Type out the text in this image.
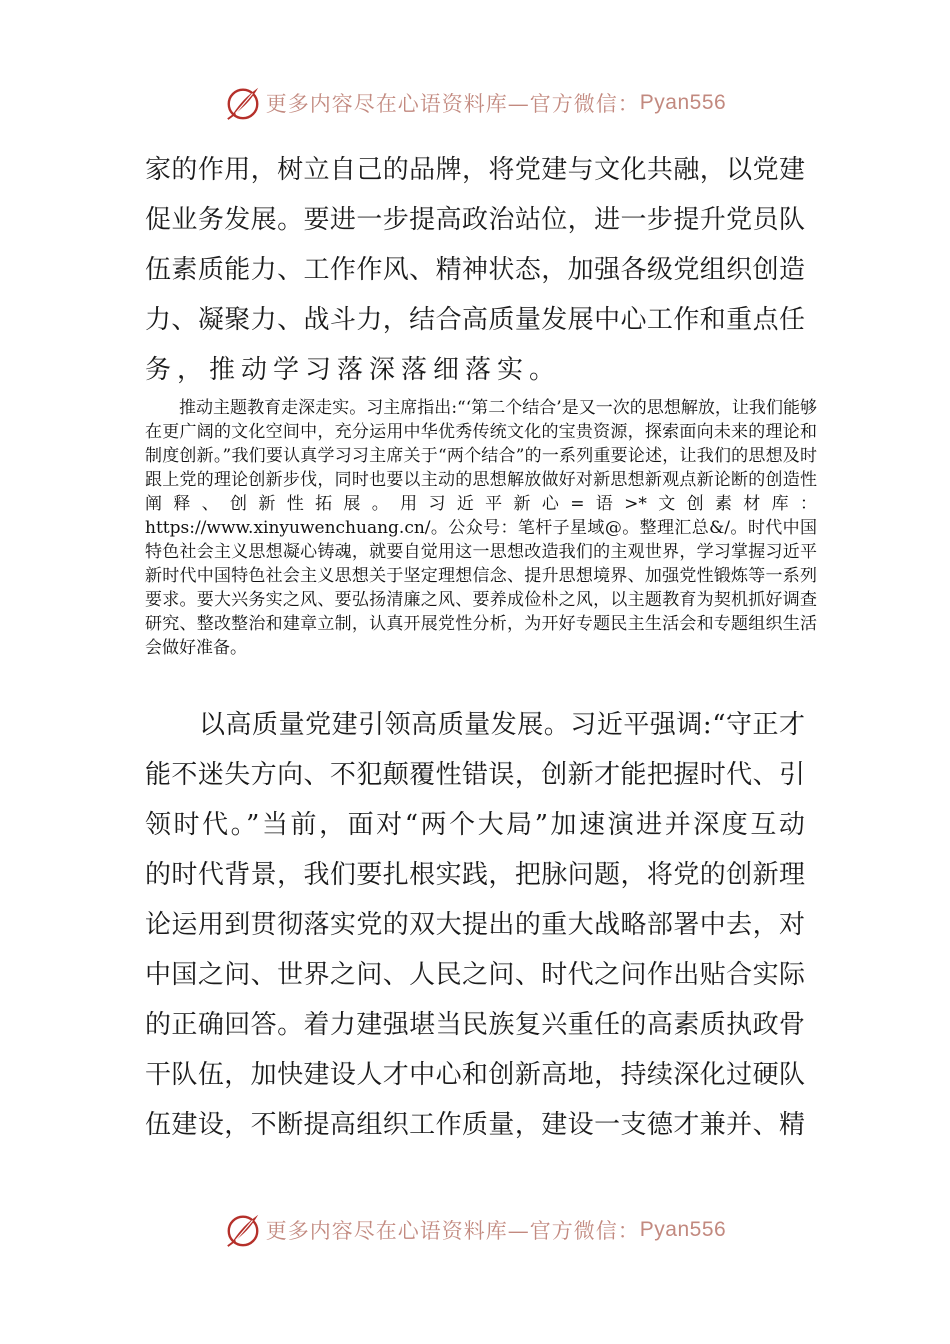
更多内容尽在心语资料库—官方微信： Pyan556
家的作用，树立自己的品牌，将党建与文化共融，以党建
促业务发展。要进一步提高政治站位，进一步提升党员队
伍素质能力、工作作风、精神状态，加强各级党组织创造
力、凝聚力、战斗力，结合高质量发展中心工作和重点任
务，推动学习落深落细落实。
推动主题教育走深走实。习主席指出:“‘第二个结合’是又一次的思想解放，让我们能够在更广阔的文化空间中，充分运用中华优秀传统文化的宝贵资源，探索面向未来的理论和制度创新。”我们要认真学习习主席关于“两个结合”的一系列重要论述，让我们的思想及时跟上党的理论创新步伐，同时也要以主动的思想解放做好对新思想新观点新论断的创造性阐释、创新性拓展。用习近平新心=语>*文创素材库：https://www.xinyuwenchuang.cn/。公众号：笔杆子星域@。整理汇总&/。时代中国特色社会主义思想凝心铸魂，就要自觉用这一思想改造我们的主观世界，学习掌握习近平新时代中国特色社会主义思想关于坚定理想信念、提升思想境界、加强党性锻炼等一系列要求。要大兴务实之风、要弘扬清廉之风、要养成俭朴之风，以主题教育为契机抓好调查研究、整改整治和建章立制，认真开展党性分析，为开好专题民主生活会和专题组织生活会做好准备。
以高质量党建引领高质量发展。习近平强调:“守正才
能不迷失方向、不犯颠覆性错误，创新才能把握时代、引
领时代。”当前，面对“两个大局”加速演进并深度互动
的时代背景，我们要扎根实践，把脉问题，将党的创新理
论运用到贯彻落实党的双大提出的重大战略部署中去，对
中国之问、世界之问、人民之问、时代之问作出贴合实际
的正确回答。着力建强堪当民族复兴重任的高素质执政骨
干队伍，加快建设人才中心和创新高地，持续深化过硬队
伍建设，不断提高组织工作质量，建设一支德才兼并、精
更多内容尽在心语资料库—官方微信： Pyan556
